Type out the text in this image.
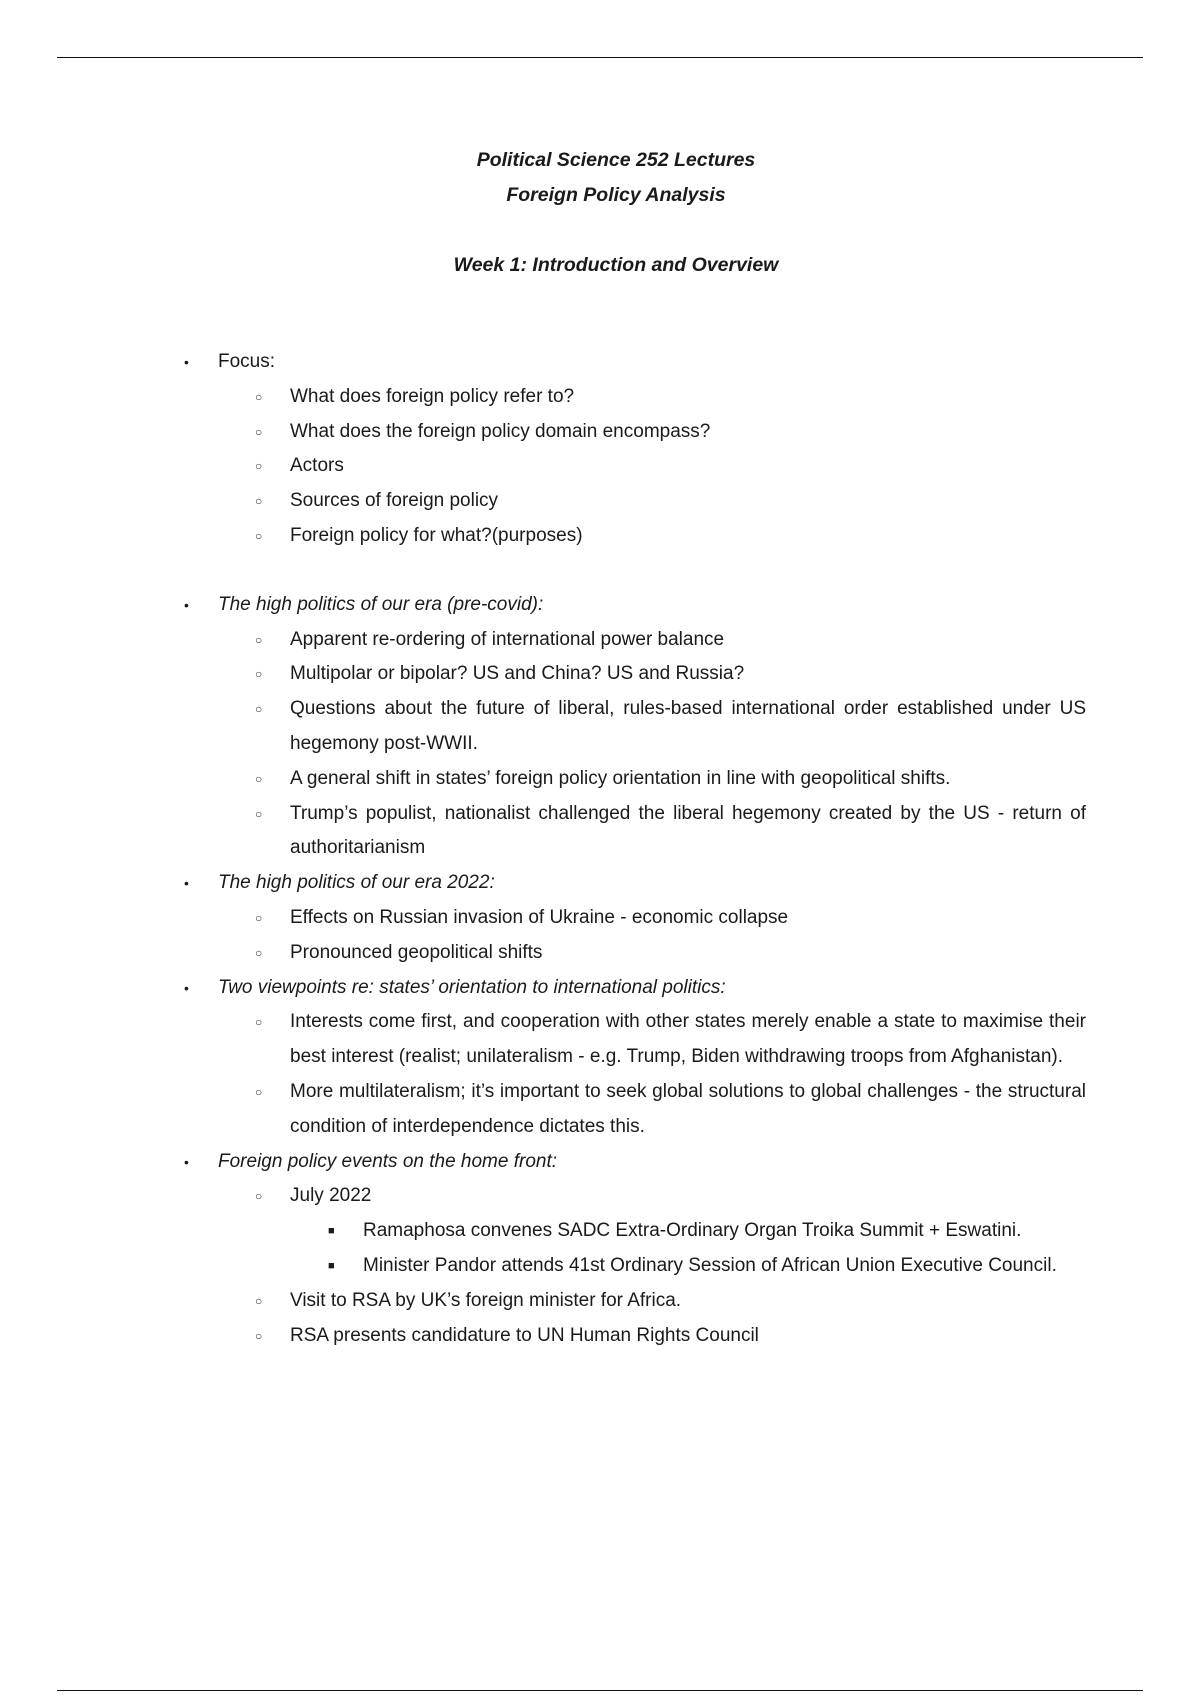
Political Science 252 Lectures

Foreign Policy Analysis

Week 1: Introduction and Overview

• Focus:
○ What does foreign policy refer to?
○ What does the foreign policy domain encompass?
○ Actors
○ Sources of foreign policy
○ Foreign policy for what?(purposes)
• The high politics of our era (pre-covid):
○ Apparent re-ordering of international power balance
○ Multipolar or bipolar? US and China? US and Russia?
○ Questions about the future of liberal, rules-based international order established under US hegemony post-WWII.
○ A general shift in states’ foreign policy orientation in line with geopolitical shifts.
○ Trump’s populist, nationalist challenged the liberal hegemony created by the US - return of authoritarianism
• The high politics of our era 2022:
○ Effects on Russian invasion of Ukraine - economic collapse
○ Pronounced geopolitical shifts
• Two viewpoints re: states’ orientation to international politics:
○ Interests come first, and cooperation with other states merely enable a state to maximise their best interest (realist; unilateralism - e.g. Trump, Biden withdrawing troops from Afghanistan).
○ More multilateralism; it’s important to seek global solutions to global challenges - the structural condition of interdependence dictates this.
• Foreign policy events on the home front:
○ July 2022
■ Ramaphosa convenes SADC Extra-Ordinary Organ Troika Summit + Eswatini.
■ Minister Pandor attends 41st Ordinary Session of African Union Executive Council.
○ Visit to RSA by UK’s foreign minister for Africa.
○ RSA presents candidature to UN Human Rights Council
